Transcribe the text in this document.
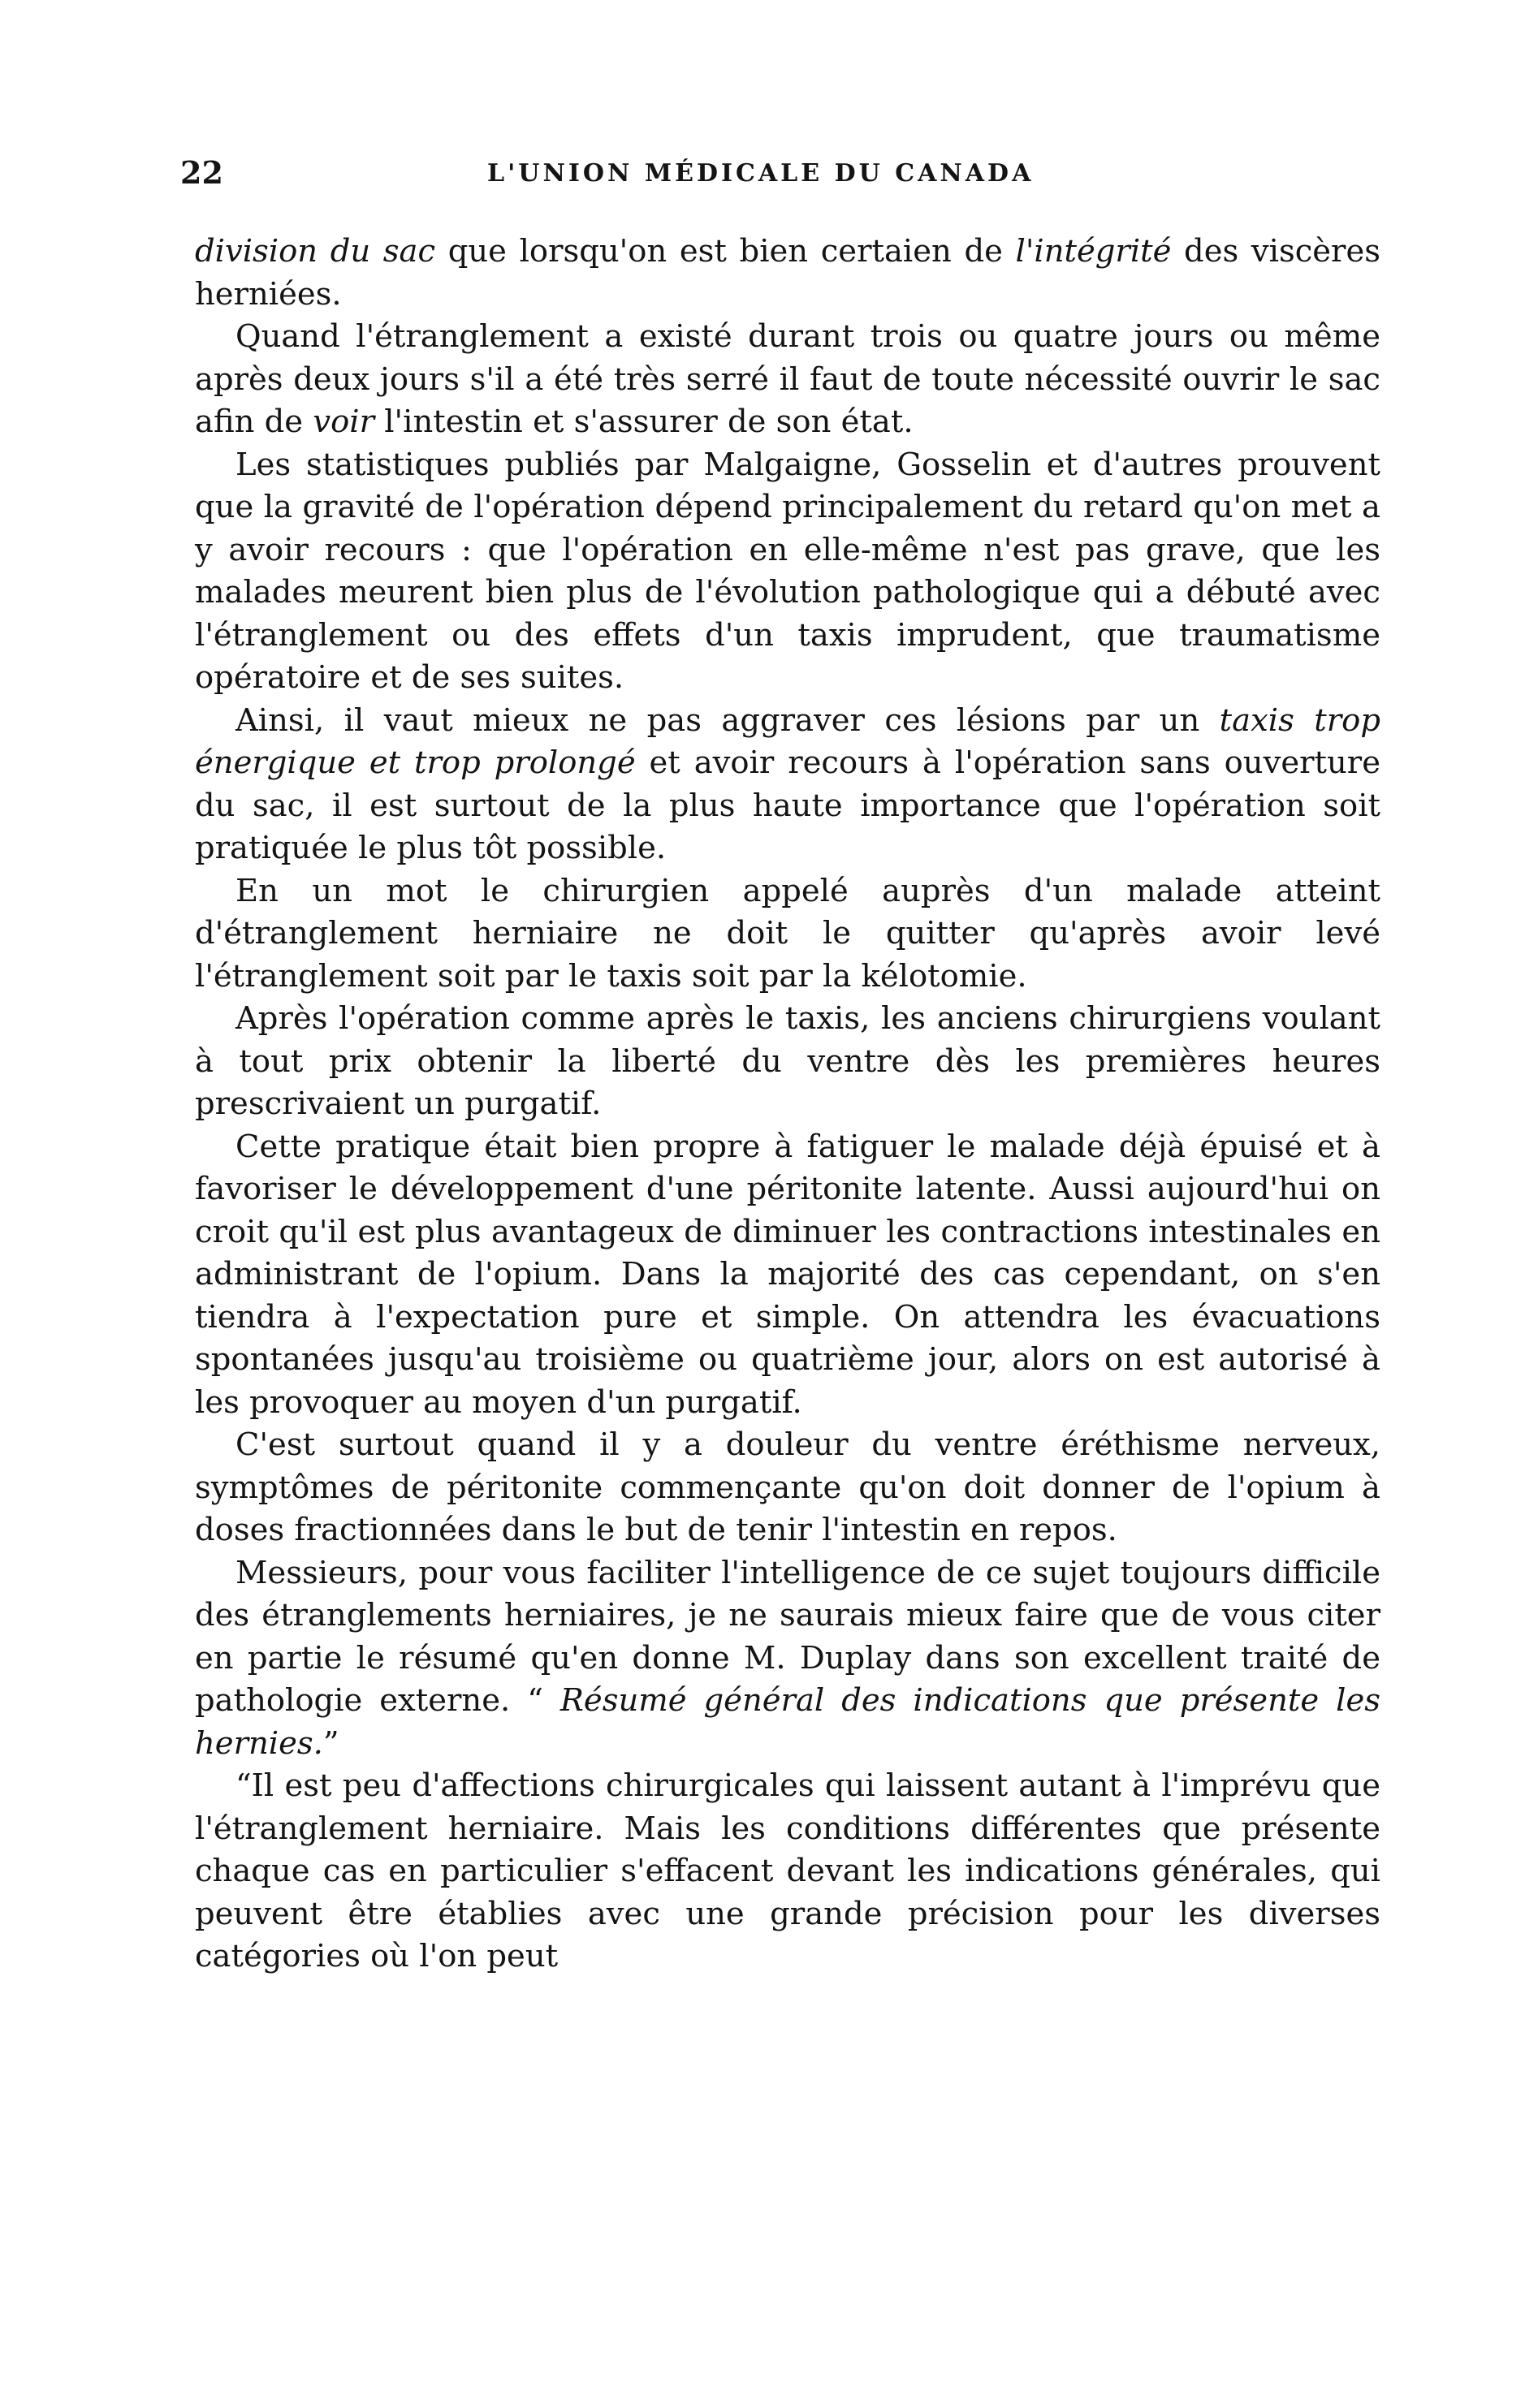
22	L'UNION MÉDICALE DU CANADA

division du sac que lorsqu'on est bien certaien de l'intégrité des viscères herniées.

Quand l'étranglement a existé durant trois ou quatre jours ou même après deux jours s'il a été très serré il faut de toute nécessité ouvrir le sac afin de voir l'intestin et s'assurer de son état.

Les statistiques publiés par Malgaigne, Gosselin et d'autres prouvent que la gravité de l'opération dépend principalement du retard qu'on met a y avoir recours : que l'opération en elle-même n'est pas grave, que les malades meurent bien plus de l'évolution pathologique qui a débuté avec l'étranglement ou des effets d'un taxis imprudent, que traumatisme opératoire et de ses suites.

Ainsi, il vaut mieux ne pas aggraver ces lésions par un taxis trop énergique et trop prolongé et avoir recours à l'opération sans ouverture du sac, il est surtout de la plus haute importance que l'opération soit pratiquée le plus tôt possible.

En un mot le chirurgien appelé auprès d'un malade atteint d'étranglement herniaire ne doit le quitter qu'après avoir levé l'étranglement soit par le taxis soit par la kélotomie.

Après l'opération comme après le taxis, les anciens chirurgiens voulant à tout prix obtenir la liberté du ventre dès les premières heures prescrivaient un purgatif.

Cette pratique était bien propre à fatiguer le malade déjà épuisé et à favoriser le développement d'une péritonite latente. Aussi aujourd'hui on croit qu'il est plus avantageux de diminuer les contractions intestinales en administrant de l'opium. Dans la majorité des cas cependant, on s'en tiendra à l'expectation pure et simple. On attendra les évacuations spontanées jusqu'au troisième ou quatrième jour, alors on est autorisé à les provoquer au moyen d'un purgatif.

C'est surtout quand il y a douleur du ventre éréthisme nerveux, symptômes de péritonite commençante qu'on doit donner de l'opium à doses fractionnées dans le but de tenir l'intestin en repos.

Messieurs, pour vous faciliter l'intelligence de ce sujet toujours difficile des étranglements herniaires, je ne saurais mieux faire que de vous citer en partie le résumé qu'en donne M. Duplay dans son excellent traité de pathologie externe. “ Résumé général des indications que présente les hernies.”

“Il est peu d'affections chirurgicales qui laissent autant à l'imprévu que l'étranglement herniaire. Mais les conditions différentes que présente chaque cas en particulier s'effacent devant les indications générales, qui peuvent être établies avec une grande précision pour les diverses catégories où l'on peut
